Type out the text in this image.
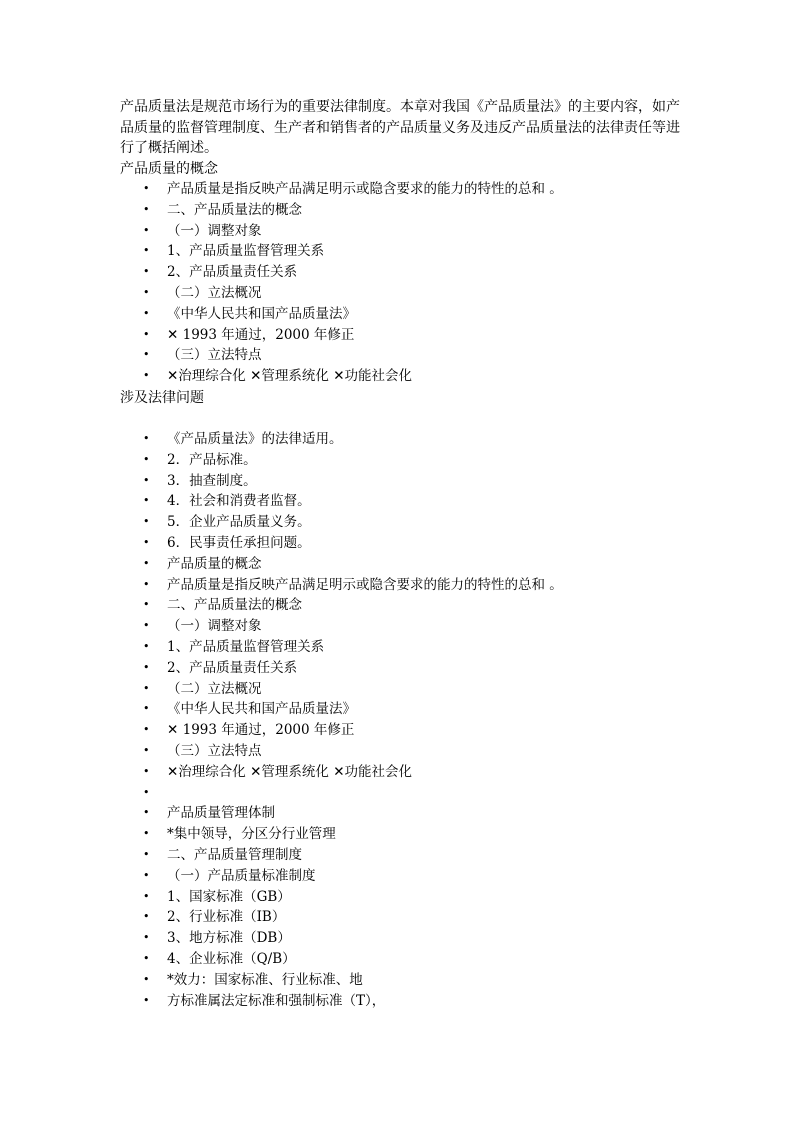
产品质量法是规范市场行为的重要法律制度。本章对我国《产品质量法》的主要内容，如产品质量的监督管理制度、生产者和销售者的产品质量义务及违反产品质量法的法律责任等进行了概括阐述。

产品质量的概念

• 产品质量是指反映产品满足明示或隐含要求的能力的特性的总和 。
• 二、产品质量法的概念
• （一）调整对象
• 1、产品质量监督管理关系
• 2、产品质量责任关系
• （二）立法概况
• 《中华人民共和国产品质量法》
• ✕ 1993 年通过，2000 年修正
• （三）立法特点
• ✕治理综合化 ✕管理系统化 ✕功能社会化

涉及法律问题

• 《产品质量法》的法律适用。
• 2．产品标准。
• 3．抽查制度。
• 4．社会和消费者监督。
• 5．企业产品质量义务。
• 6．民事责任承担问题。
• 产品质量的概念
• 产品质量是指反映产品满足明示或隐含要求的能力的特性的总和 。
• 二、产品质量法的概念
• （一）调整对象
• 1、产品质量监督管理关系
• 2、产品质量责任关系
• （二）立法概况
• 《中华人民共和国产品质量法》
• ✕ 1993 年通过，2000 年修正
• （三）立法特点
• ✕治理综合化 ✕管理系统化 ✕功能社会化
•
• 产品质量管理体制
• *集中领导，分区分行业管理
• 二、产品质量管理制度
• （一）产品质量标准制度
• 1、国家标准（GB）
• 2、行业标准（IB）
• 3、地方标准（DB）
• 4、企业标准（Q/B）
• *效力：国家标准、行业标准、地
• 方标准属法定标准和强制标准（T），
